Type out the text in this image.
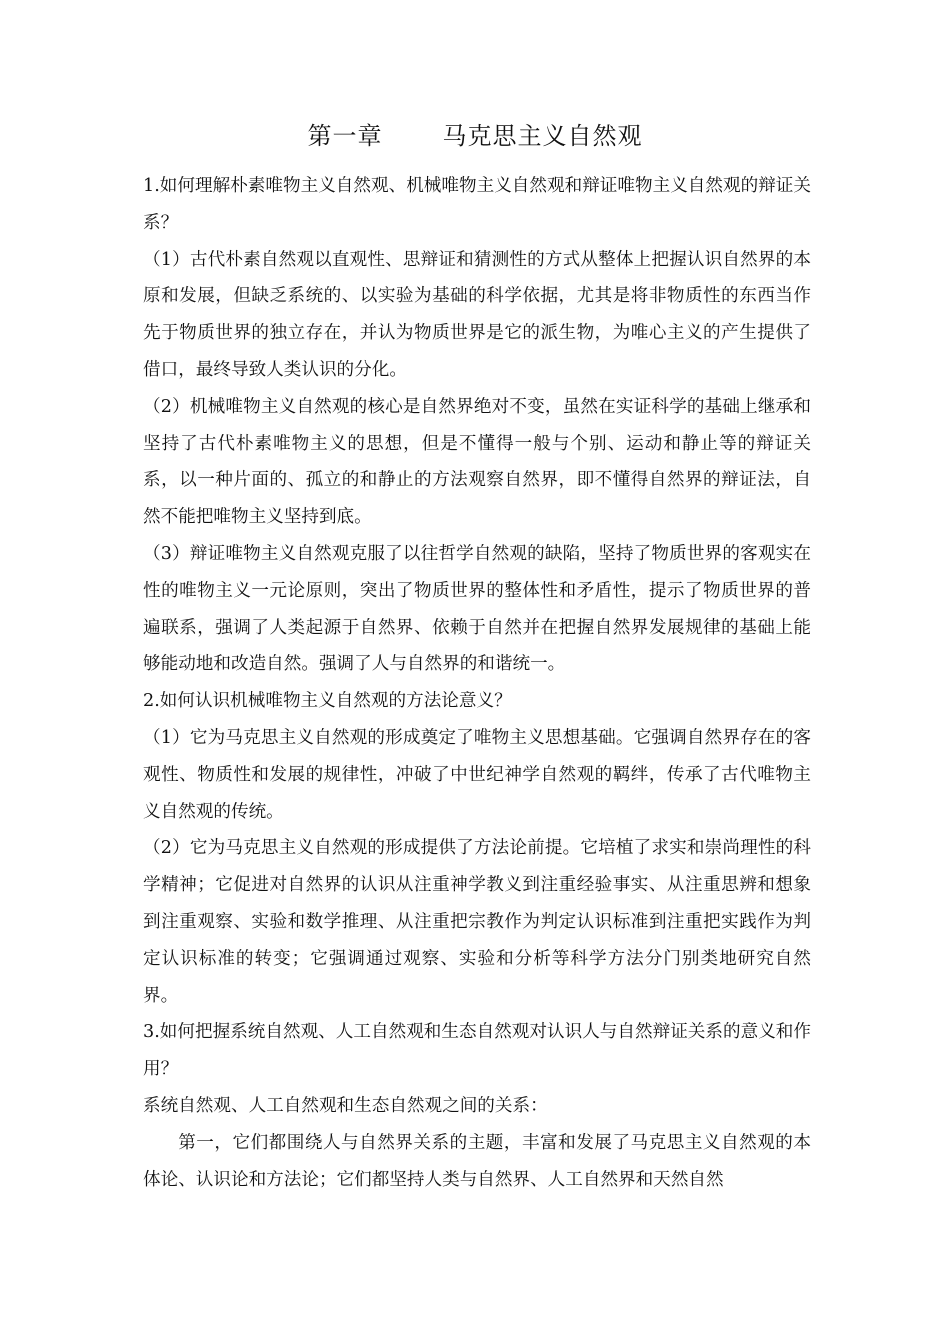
第一章	马克思主义自然观

1.如何理解朴素唯物主义自然观、机械唯物主义自然观和辩证唯物主义自然观的辩证关系？

（1）古代朴素自然观以直观性、思辩证和猜测性的方式从整体上把握认识自然界的本原和发展，但缺乏系统的、以实验为基础的科学依据，尤其是将非物质性的东西当作先于物质世界的独立存在，并认为物质世界是它的派生物，为唯心主义的产生提供了借口，最终导致人类认识的分化。

（2）机械唯物主义自然观的核心是自然界绝对不变，虽然在实证科学的基础上继承和坚持了古代朴素唯物主义的思想，但是不懂得一般与个别、运动和静止等的辩证关系，以一种片面的、孤立的和静止的方法观察自然界，即不懂得自然界的辩证法，自然不能把唯物主义坚持到底。

（3）辩证唯物主义自然观克服了以往哲学自然观的缺陷，坚持了物质世界的客观实在性的唯物主义一元论原则，突出了物质世界的整体性和矛盾性，提示了物质世界的普遍联系，强调了人类起源于自然界、依赖于自然并在把握自然界发展规律的基础上能够能动地和改造自然。强调了人与自然界的和谐统一。

2.如何认识机械唯物主义自然观的方法论意义？

（1）它为马克思主义自然观的形成奠定了唯物主义思想基础。它强调自然界存在的客观性、物质性和发展的规律性，冲破了中世纪神学自然观的羁绊，传承了古代唯物主义自然观的传统。

（2）它为马克思主义自然观的形成提供了方法论前提。它培植了求实和崇尚理性的科学精神；它促进对自然界的认识从注重神学教义到注重经验事实、从注重思辨和想象到注重观察、实验和数学推理、从注重把宗教作为判定认识标准到注重把实践作为判定认识标准的转变；它强调通过观察、实验和分析等科学方法分门别类地研究自然界。

3.如何把握系统自然观、人工自然观和生态自然观对认识人与自然辩证关系的意义和作用？

系统自然观、人工自然观和生态自然观之间的关系：

第一，它们都围绕人与自然界关系的主题，丰富和发展了马克思主义自然观的本体论、认识论和方法论；它们都坚持人类与自然界、人工自然界和天然自然
